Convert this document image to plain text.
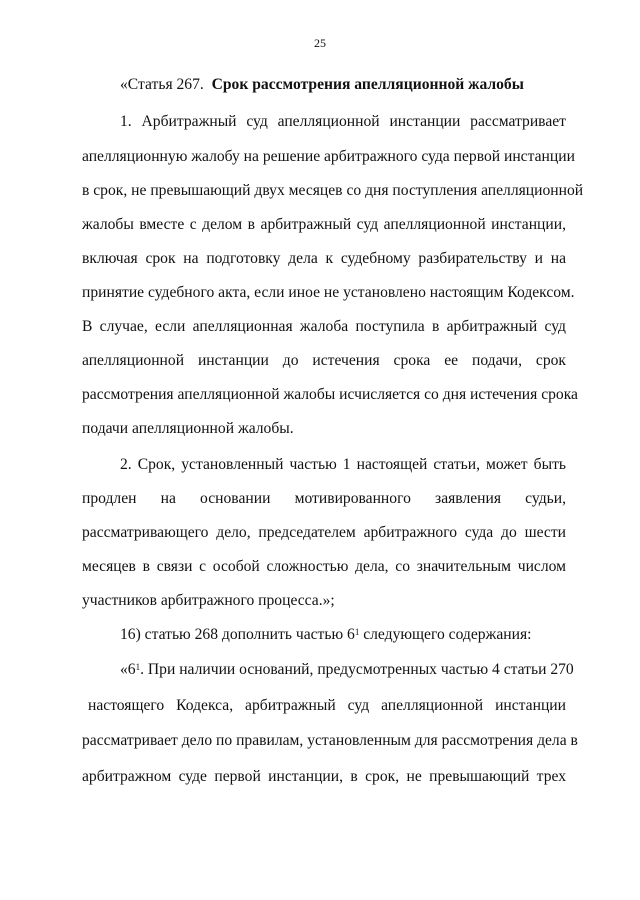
25
«Статья 267. Срок рассмотрения апелляционной жалобы
1. Арбитражный суд апелляционной инстанции рассматривает
апелляционную жалобу на решение арбитражного суда первой инстанции
в срок, не превышающий двух месяцев со дня поступления апелляционной
жалобы вместе с делом в арбитражный суд апелляционной инстанции,
включая срок на подготовку дела к судебному разбирательству и на
принятие судебного акта, если иное не установлено настоящим Кодексом.
В случае, если апелляционная жалоба поступила в арбитражный суд
апелляционной инстанции до истечения срока ее подачи, срок
рассмотрения апелляционной жалобы исчисляется со дня истечения срока
подачи апелляционной жалобы.
2. Срок, установленный частью 1 настоящей статьи, может быть
продлен на основании мотивированного заявления судьи,
рассматривающего дело, председателем арбитражного суда до шести
месяцев в связи с особой сложностью дела, со значительным числом
участников арбитражного процесса.»;
16) статью 268 дополнить частью $6^1$ следующего содержания:
«$6^1$. При наличии оснований, предусмотренных частью 4 статьи 270
настоящего Кодекса, арбитражный суд апелляционной инстанции
рассматривает дело по правилам, установленным для рассмотрения дела в
арбитражном суде первой инстанции, в срок, не превышающий трех
